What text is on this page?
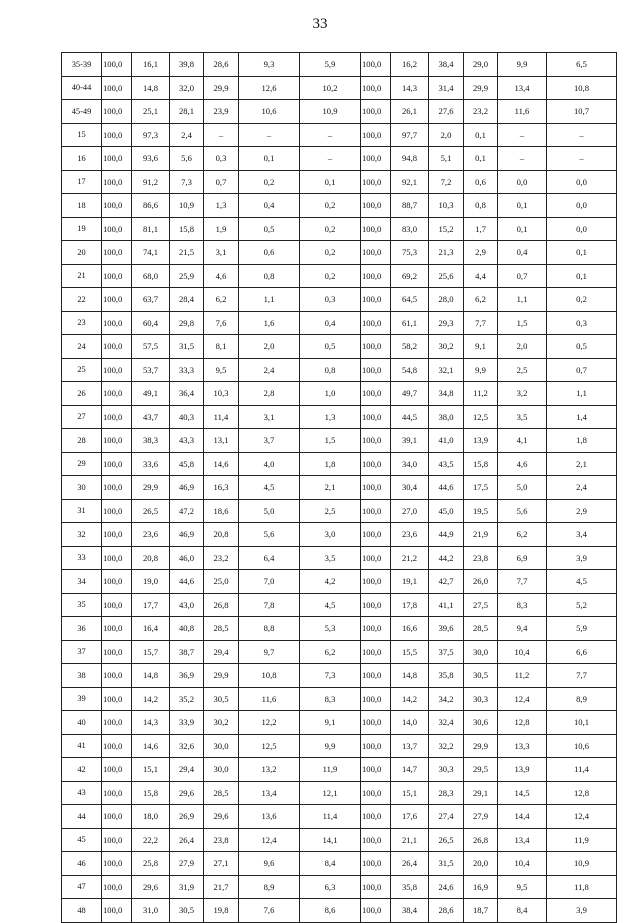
33
35-39	100,0	16,1	39,8	28,6	9,3	5,9	100,0	16,2	38,4	29,0	9,9	6,5
40-44	100,0	14,8	32,0	29,9	12,6	10,2	100,0	14,3	31,4	29,9	13,4	10,8
45-49	100,0	25,1	28,1	23,9	10,6	10,9	100,0	26,1	27,6	23,2	11,6	10,7
15	100,0	97,3	2,4	–	–	–	100,0	97,7	2,0	0,1	–	–
16	100,0	93,6	5,6	0,3	0,1	–	100,0	94,8	5,1	0,1	–	–
17	100,0	91,2	7,3	0,7	0,2	0,1	100,0	92,1	7,2	0,6	0,0	0,0
18	100,0	86,6	10,9	1,3	0,4	0,2	100,0	88,7	10,3	0,8	0,1	0,0
19	100,0	81,1	15,8	1,9	0,5	0,2	100,0	83,0	15,2	1,7	0,1	0,0
20	100,0	74,1	21,5	3,1	0,6	0,2	100,0	75,3	21,3	2,9	0,4	0,1
21	100,0	68,0	25,9	4,6	0,8	0,2	100,0	69,2	25,6	4,4	0,7	0,1
22	100,0	63,7	28,4	6,2	1,1	0,3	100,0	64,5	28,0	6,2	1,1	0,2
23	100,0	60,4	29,8	7,6	1,6	0,4	100,0	61,1	29,3	7,7	1,5	0,3
24	100,0	57,5	31,5	8,1	2,0	0,5	100,0	58,2	30,2	9,1	2,0	0,5
25	100,0	53,7	33,3	9,5	2,4	0,8	100,0	54,8	32,1	9,9	2,5	0,7
26	100,0	49,1	36,4	10,3	2,8	1,0	100,0	49,7	34,8	11,2	3,2	1,1
27	100,0	43,7	40,3	11,4	3,1	1,3	100,0	44,5	38,0	12,5	3,5	1,4
28	100,0	38,3	43,3	13,1	3,7	1,5	100,0	39,1	41,0	13,9	4,1	1,8
29	100,0	33,6	45,8	14,6	4,0	1,8	100,0	34,0	43,5	15,8	4,6	2,1
30	100,0	29,9	46,9	16,3	4,5	2,1	100,0	30,4	44,6	17,5	5,0	2,4
31	100,0	26,5	47,2	18,6	5,0	2,5	100,0	27,0	45,0	19,5	5,6	2,9
32	100,0	23,6	46,9	20,8	5,6	3,0	100,0	23,6	44,9	21,9	6,2	3,4
33	100,0	20,8	46,0	23,2	6,4	3,5	100,0	21,2	44,2	23,8	6,9	3,9
34	100,0	19,0	44,6	25,0	7,0	4,2	100,0	19,1	42,7	26,0	7,7	4,5
35	100,0	17,7	43,0	26,8	7,8	4,5	100,0	17,8	41,1	27,5	8,3	5,2
36	100,0	16,4	40,8	28,5	8,8	5,3	100,0	16,6	39,6	28,5	9,4	5,9
37	100,0	15,7	38,7	29,4	9,7	6,2	100,0	15,5	37,5	30,0	10,4	6,6
38	100,0	14,8	36,9	29,9	10,8	7,3	100,0	14,8	35,8	30,5	11,2	7,7
39	100,0	14,2	35,2	30,5	11,6	8,3	100,0	14,2	34,2	30,3	12,4	8,9
40	100,0	14,3	33,9	30,2	12,2	9,1	100,0	14,0	32,4	30,6	12,8	10,1
41	100,0	14,6	32,6	30,0	12,5	9,9	100,0	13,7	32,2	29,9	13,3	10,6
42	100,0	15,1	29,4	30,0	13,2	11,9	100,0	14,7	30,3	29,5	13,9	11,4
43	100,0	15,8	29,6	28,5	13,4	12,1	100,0	15,1	28,3	29,1	14,5	12,8
44	100,0	18,0	26,9	29,6	13,6	11,4	100,0	17,6	27,4	27,9	14,4	12,4
45	100,0	22,2	26,4	23,8	12,4	14,1	100,0	21,1	26,5	26,8	13,4	11,9
46	100,0	25,8	27,9	27,1	9,6	8,4	100,0	26,4	31,5	20,0	10,4	10,9
47	100,0	29,6	31,9	21,7	8,9	6,3	100,0	35,8	24,6	16,9	9,5	11,8
48	100,0	31,0	30,5	19,8	7,6	8,6	100,0	38,4	28,6	18,7	8,4	3,9
